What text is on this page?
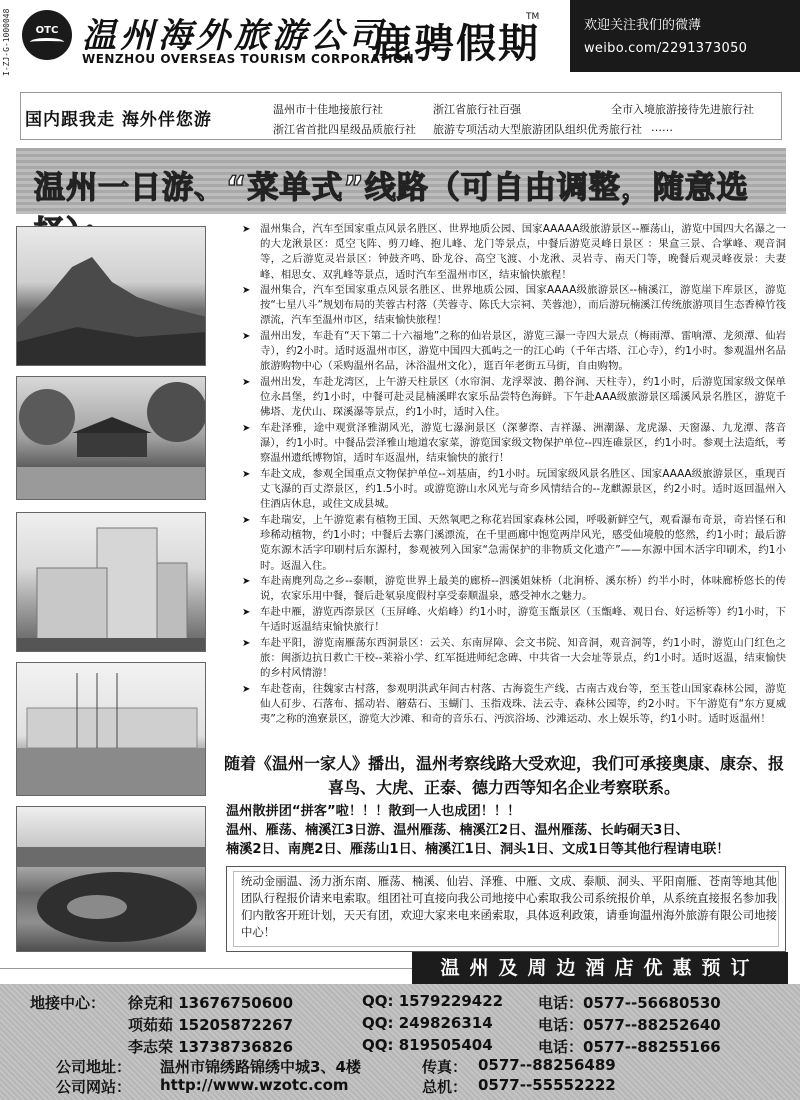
I-ZJ-G-1000048	OTC 温州海外旅游公司
WENZHOU OVERSEAS TOURISM CORPORATION
鹿骋假期
TM
欢迎关注我们的微薄
weibo.com/2291373050
国内跟我走 海外伴您游
温州市十佳地接旅行社	浙江省旅行社百强	全市入境旅游接待先进旅行社
浙江省首批四星级品质旅行社 旅游专项活动大型旅游团队组织优秀旅行社 ……
温州一日游、“菜单式”线路（可自由调整，随意选
➤ 温州集合，汽车至国家重点风景名胜区、世界地质公园、国家AAAAA级旅游景区--雁荡山，游览中国四大名瀑之一的大龙湫景区：觅空飞阵、剪刀峰、抱儿峰、龙门等景点，中餐后游览灵峰日景区 ：果盒三景、合掌峰、观音洞等，之后游览灵岩景区：钟鼓齐鸣、卧龙谷、高空飞渡、小龙湫、灵岩寺、南天门等，晚餐后观灵峰夜景：夫妻峰、相思女、双乳峰等景点，适时汽车至温州市区，结束愉快旅程！
➤ 温州集合，汽车至国家重点风景名胜区、世界地质公园、国家AAAA级旅游景区--楠溪江，游览崖下库景区，游览按“七星八斗”规划布局的芙蓉古村落（芙蓉寺、陈氏大宗祠、芙蓉池），而后游玩楠溪江传统旅游项目生态香樟竹筏漂流，汽车至温州市区，结束愉快旅程！
➤ 温州出发，车赴有“天下第二十六福地”之称的仙岩景区，游览三瀑一寺四大景点（梅雨潭、雷响潭、龙须潭、仙岩寺），约2小时。适时返温州市区，游览中国四大孤屿之一的江心屿（千年古塔、江心寺），约1小时。参观温州名品旅游购物中心（采购温州名品，沐浴温州文化），逛百年老街五马街，自由购物。
➤ 温州出发，车赴龙湾区，上午游天柱景区（水帘洞、龙浮翠波、鹅谷涧、天柱寺），约1小时，后游览国家级文保单位永昌堡，约1小时，中餐可赴灵昆楠溪畔农家乐品尝特色海鲜。下午赴AAA级旅游景区瑶溪风景名胜区，游览千佛塔、龙伏山、琛溪瀑等景点，约1小时，适时入住。
➤ 车赴泽雅，途中观赏泽雅湖风光，游览七瀑涧景区（深蓼漈、吉祥瀑、洲潮瀑、龙虎瀑、天窗瀑、九龙潭、落音瀑），约1小时。中餐品尝泽雅山地道农家菜，游览国家级文物保护单位--四连碓景区，约1小时。参观土法造纸，考察温州遗纸博物馆，适时车返温州，结束愉快的旅行！
➤ 车赴文成，参观全国重点文物保护单位--刘基庙，约1小时。玩国家级风景名胜区、国家AAAA级旅游景区，重现百丈飞瀑的百丈漈景区，约1.5小时。或游览游山水风光与奇乡风情结合的--龙麒源景区，约2小时。适时返回温州入住酒店休息，或住文成县城。
➤ 车赴瑞安，上午游览素有植物王国、天然氧吧之称花岩国家森林公园，呼吸新鲜空气，观看瀑布奇景，奇岩怪石和珍稀动植物，约1小时；中餐后去寨门溪漂流，在千里画廊中饱览两岸风光，感受仙境般的悠然，约1小时；最后游览东源木活字印刷村后东源村，参观被列入国家“急需保护的非物质文化遗产”——东源中国木活字印刷术，约1小时。返温入住。
➤ 车赴南麂列岛之乡--泰顺，游览世界上最美的廊桥--泗溪姐妹桥（北涧桥、溪东桥）约半小时，体味廊桥悠长的传说，农家乐用中餐，餐后赴氡泉度假村享受泰顺温泉，感受神水之魅力。
➤ 车赴中雁，游览西漈景区（玉屏峰、火焰峰）约1小时，游览玉甑景区（玉甑峰、观日台、好运桥等）约1小时，下午适时返温结束愉快旅行！
➤ 车赴平阳，游览南雁荡东西洞景区：云关、东南屏障、会文书院、知音洞，观音洞等，约1小时，游览山门红色之旅：闽浙边抗日救亡干校--莱裕小学、红军挺进师纪念碑、中共省一大会址等景点，约1小时。适时返温，结束愉快的乡村风情游！
➤ 车赴苍南，往魏家古村落，参观明洪武年间古村落、古海瓷生产线、古南古戏台等，至玉苍山国家森林公园，游览仙人矴步、石落布、摇动岩、蘑菇石、玉蝴门、玉指戏珠、法云寺、森林公园等，约2小时。下午游览有“东方夏威夷”之称的渔寮景区，游览大沙滩、和奇的音乐石、沔滨浴场、沙滩运动、水上娱乐等，约1小时。适时返温州！
随着《温州一家人》播出，温州考察线路大受欢迎，我们可承接奥康、康奈、报喜鸟、大虎、正泰、德力西等知名企业考察联系。
温州散拼团“拼客”啦！！！散到一人也成团！！！
温州、雁荡、楠溪江3日游、温州雁荡、楠溪江2日、温州雁荡、长屿硐天3日、
楠溪2日、南麂2日、雁荡山1日、楠溪江1日、洞头1日、文成1日等其他行程请电联！
统动金丽温、汤力浙东南、雁荡、楠溪、仙岩、泽雅、中雁、文成、泰顺、洞头、平阳南雁、苍南等地其他团队行程报价请来电索取。组团社可直接向我公司地接中心索取我公司系统报价单，从系统直接报名参加我们内散客开班计划，天天有团，欢迎大家来电来函索取，具体返利政策，请垂询温州海外旅游有限公司地接中心！
温州及周边酒店优惠预订
地接中心： 徐克和 13676750600	QQ: 1579229422 电话：0577--56680530
项茹茹 15205872267	QQ: 249826314	电话：0577--88252640
李志荣 13738736826	QQ: 819505404	电话：0577--88255166
公司地址： 温州市锦绣路锦绣中城3、4楼	传真： 0577--88256489
公司网站： http://www.wzotc.com	总机： 0577--55552222
